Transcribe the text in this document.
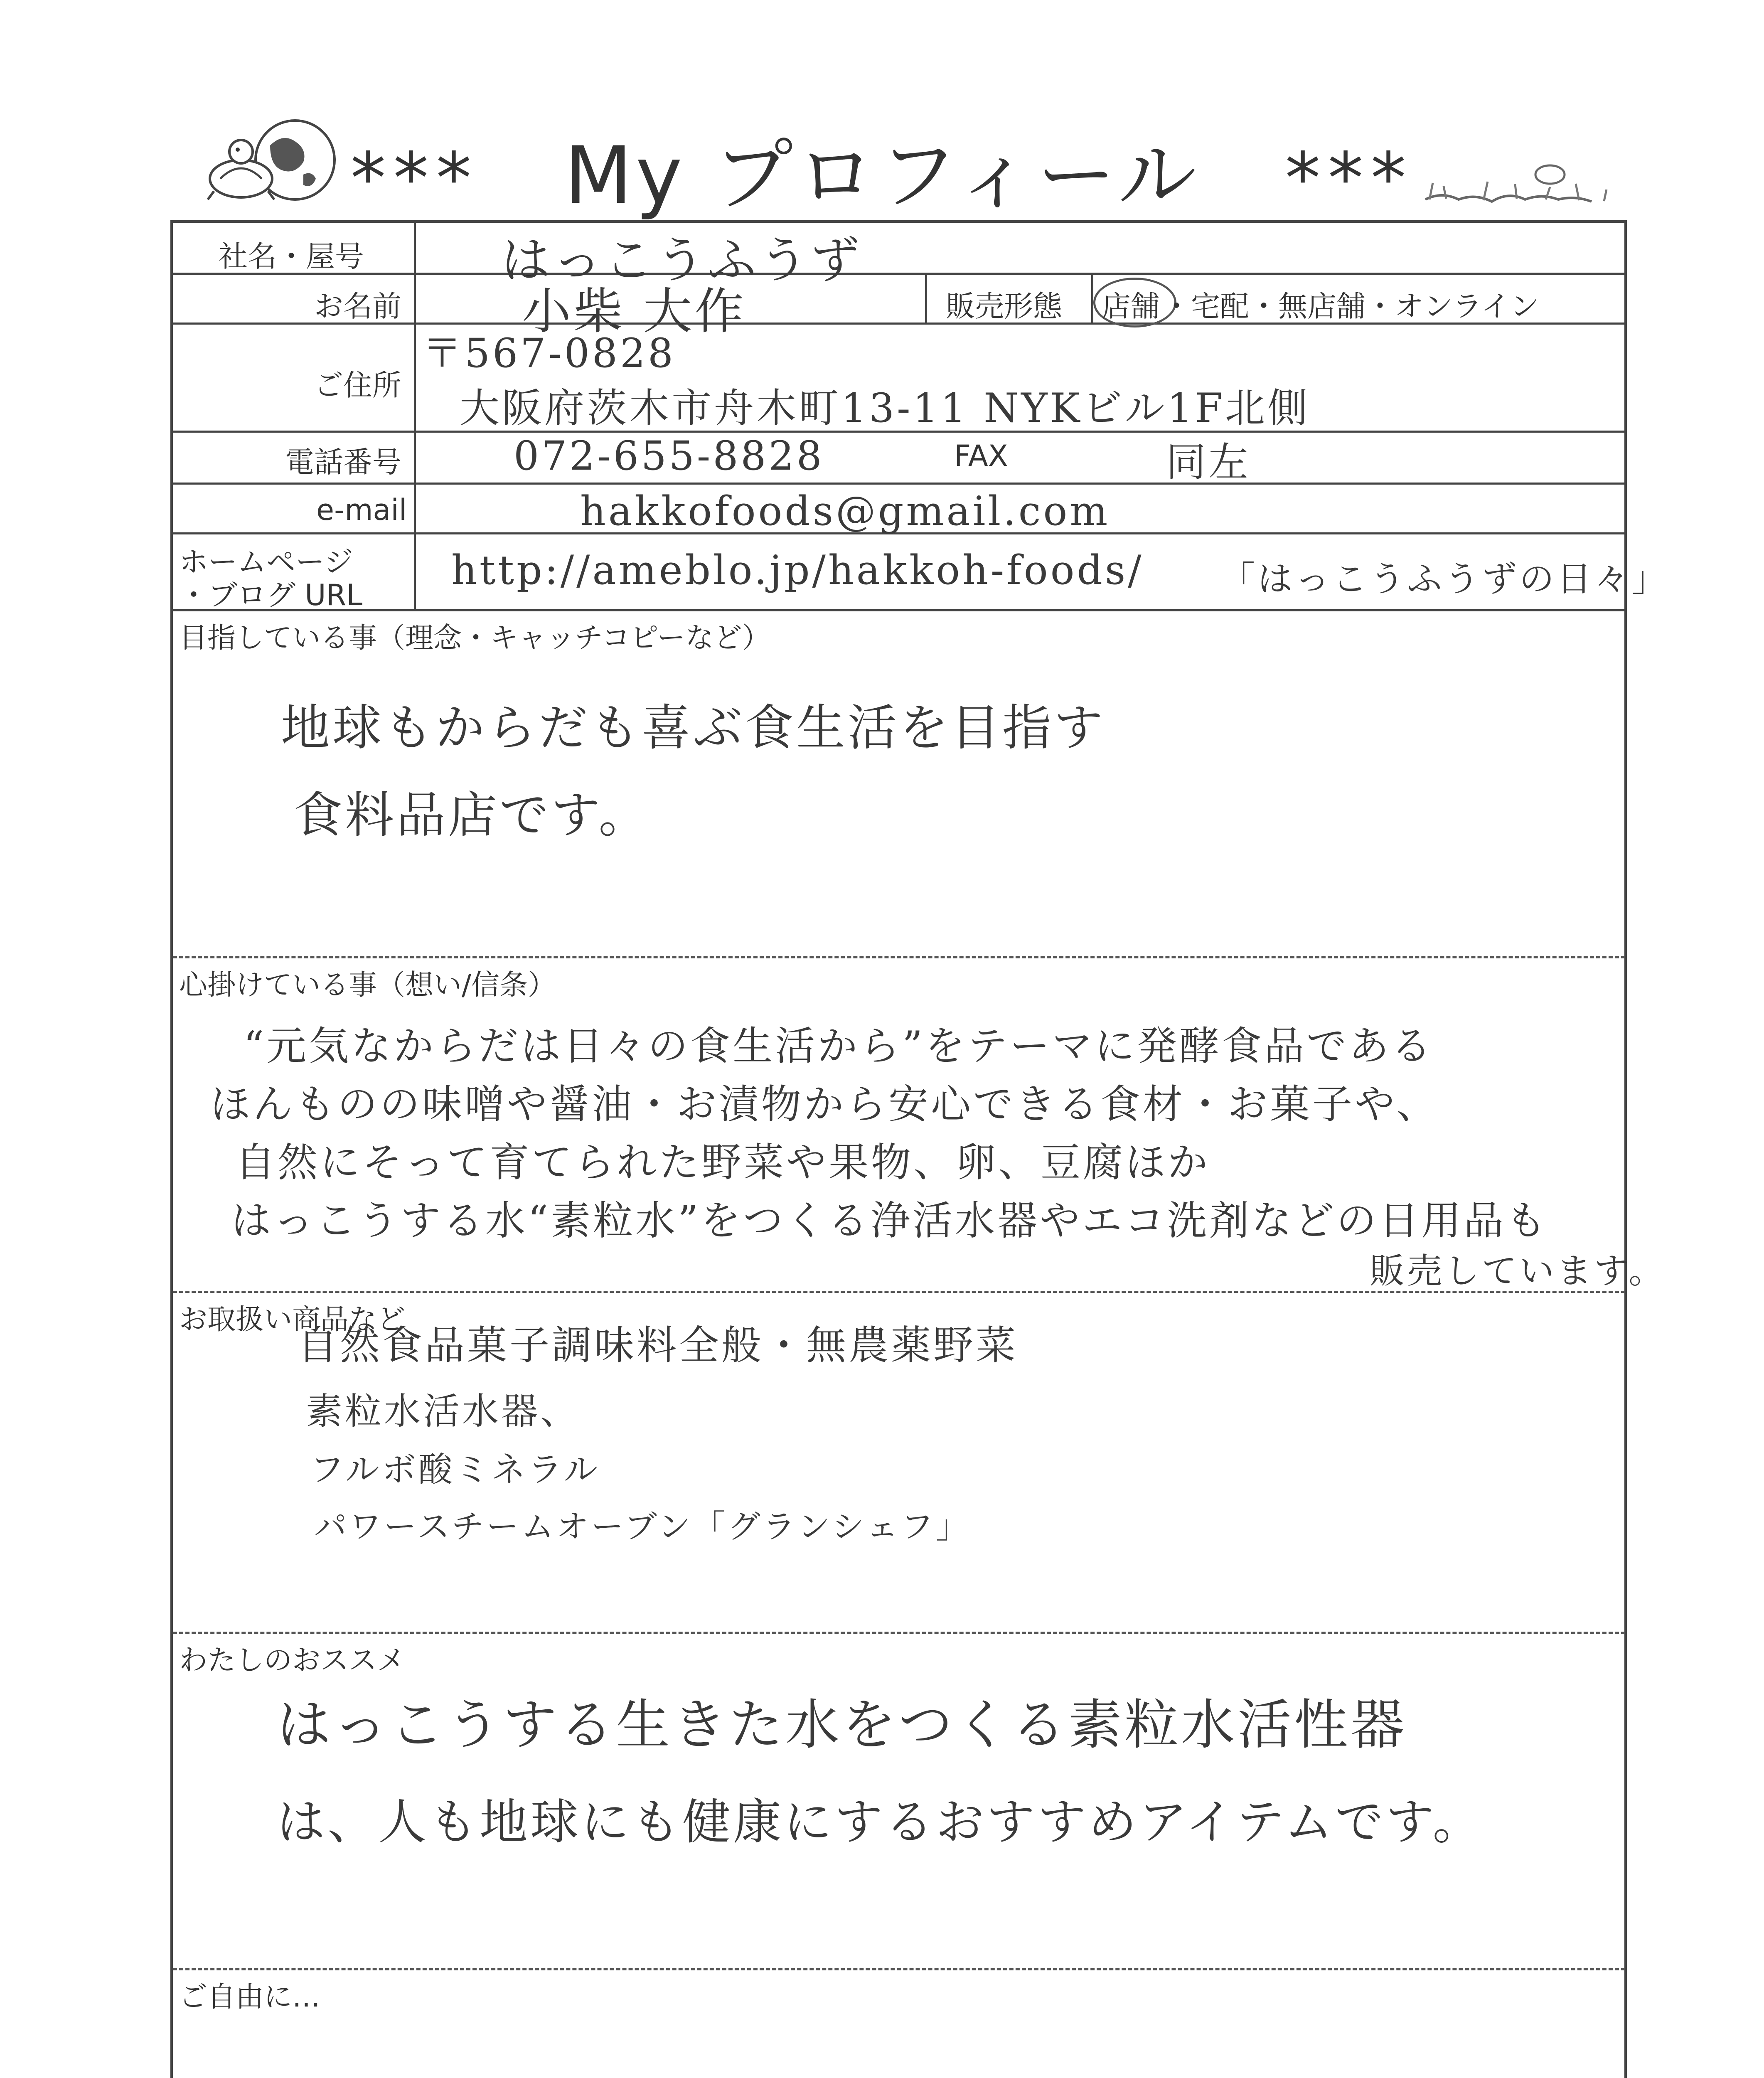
*** My プロフィール ***
社名・屋号	はっこうふうず
お名前 小柴 大作	販売形態 店舗 ・宅配・無店舗・オンライン
ご住所
〒567-0828
大阪府茨木市舟木町13-11 NYKビル1F北側
電話番号	072-655-8828	FAX	同左
e-mail	hakkofoods@gmail.com
ホームページ
・ブログ URL
http://ameblo.jp/hakkoh-foods/ 「はっこうふうずの日々」
目指している事（理念・キャッチコピーなど）
地球もからだも喜ぶ食生活を目指す
食料品店です。
心掛けている事（想い/信条）
“元気なからだは日々の食生活から”をテーマに発酵食品である
ほんものの味噌や醤油・お漬物から安心できる食材・お菓子や、
自然にそって育てられた野菜や果物、卵、豆腐ほか
はっこうする水“素粒水”をつくる浄活水器やエコ洗剤などの日用品も
販売しています。
お取扱い商品など
自然食品菓子調味料全般・無農薬野菜
素粒水活水器、
フルボ酸ミネラル
パワースチームオーブン「グランシェフ」
わたしのおススメ
はっこうする生きた水をつくる素粒水活性器
は、人も地球にも健康にするおすすめアイテムです。
ご自由に…
